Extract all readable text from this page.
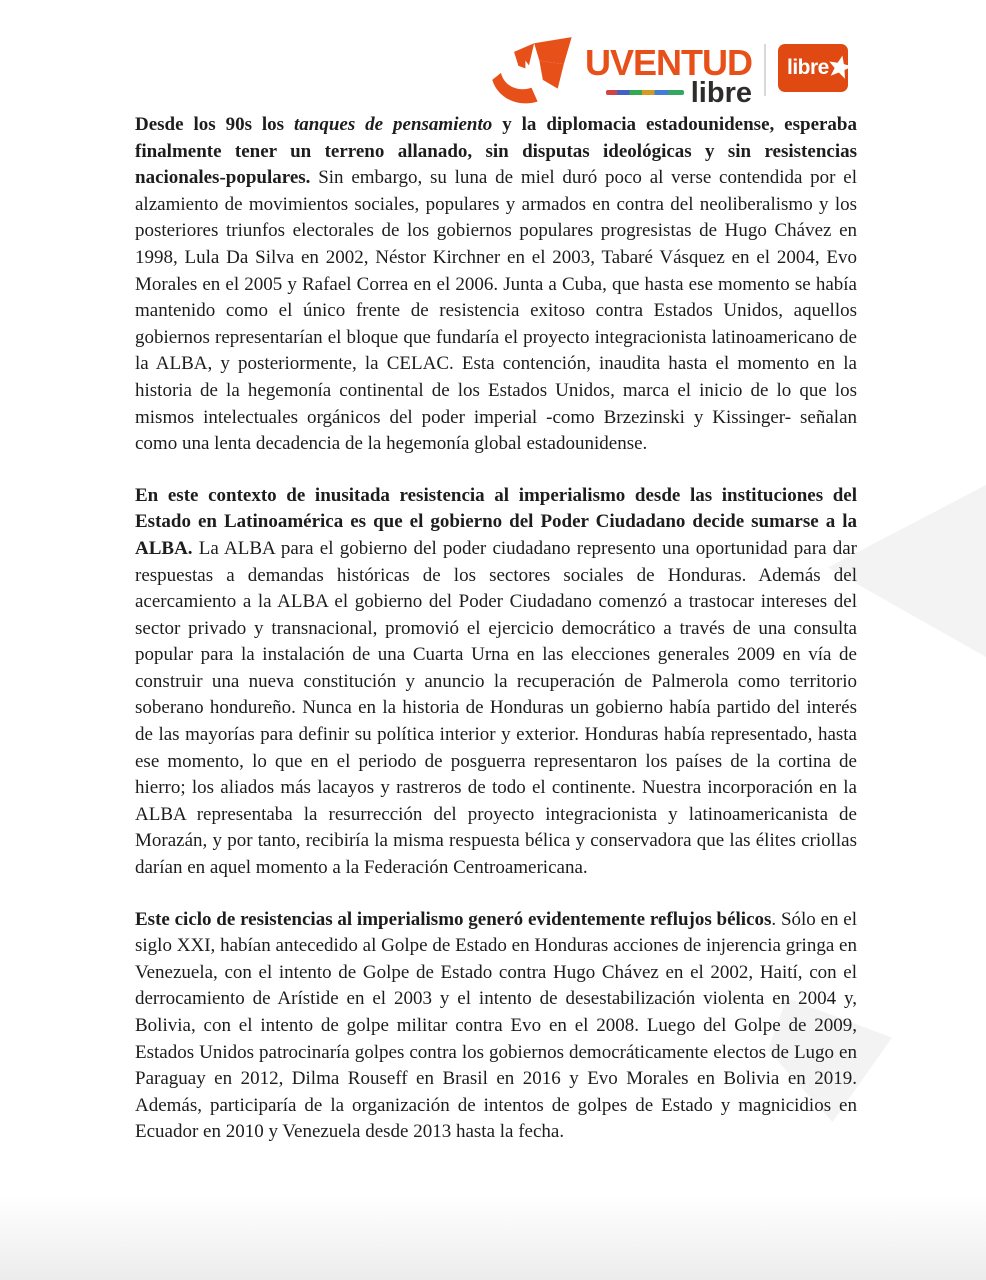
UVENTUD
libre
libre

Desde los 90s los tanques de pensamiento y la diplomacia estadounidense, esperaba finalmente tener un terreno allanado, sin disputas ideológicas y sin resistencias nacionales-populares. Sin embargo, su luna de miel duró poco al verse contendida por el alzamiento de movimientos sociales, populares y armados en contra del neoliberalismo y los posteriores triunfos electorales de los gobiernos populares progresistas de Hugo Chávez en 1998, Lula Da Silva en 2002, Néstor Kirchner en el 2003, Tabaré Vásquez en el 2004, Evo Morales en el 2005 y Rafael Correa en el 2006. Junta a Cuba, que hasta ese momento se había mantenido como el único frente de resistencia exitoso contra Estados Unidos, aquellos gobiernos representarían el bloque que fundaría el proyecto integracionista latinoamericano de la ALBA, y posteriormente, la CELAC. Esta contención, inaudita hasta el momento en la historia de la hegemonía continental de los Estados Unidos, marca el inicio de lo que los mismos intelectuales orgánicos del poder imperial -como Brzezinski y Kissinger- señalan como una lenta decadencia de la hegemonía global estadounidense.

En este contexto de inusitada resistencia al imperialismo desde las instituciones del Estado en Latinoamérica es que el gobierno del Poder Ciudadano decide sumarse a la ALBA. La ALBA para el gobierno del poder ciudadano represento una oportunidad para dar respuestas a demandas históricas de los sectores sociales de Honduras. Además del acercamiento a la ALBA el gobierno del Poder Ciudadano comenzó a trastocar intereses del sector privado y transnacional, promovió el ejercicio democrático a través de una consulta popular para la instalación de una Cuarta Urna en las elecciones generales 2009 en vía de construir una nueva constitución y anuncio la recuperación de Palmerola como territorio soberano hondureño. Nunca en la historia de Honduras un gobierno había partido del interés de las mayorías para definir su política interior y exterior. Honduras había representado, hasta ese momento, lo que en el periodo de posguerra representaron los países de la cortina de hierro; los aliados más lacayos y rastreros de todo el continente. Nuestra incorporación en la ALBA representaba la resurrección del proyecto integracionista y latinoamericanista de Morazán, y por tanto, recibiría la misma respuesta bélica y conservadora que las élites criollas darían en aquel momento a la Federación Centroamericana.

Este ciclo de resistencias al imperialismo generó evidentemente reflujos bélicos. Sólo en el siglo XXI, habían antecedido al Golpe de Estado en Honduras acciones de injerencia gringa en Venezuela, con el intento de Golpe de Estado contra Hugo Chávez en el 2002, Haití, con el derrocamiento de Arístide en el 2003 y el intento de desestabilización violenta en 2004 y, Bolivia, con el intento de golpe militar contra Evo en el 2008. Luego del Golpe de 2009, Estados Unidos patrocinaría golpes contra los gobiernos democráticamente electos de Lugo en Paraguay en 2012, Dilma Rouseff en Brasil en 2016 y Evo Morales en Bolivia en 2019. Además, participaría de la organización de intentos de golpes de Estado y magnicidios en Ecuador en 2010 y Venezuela desde 2013 hasta la fecha.
